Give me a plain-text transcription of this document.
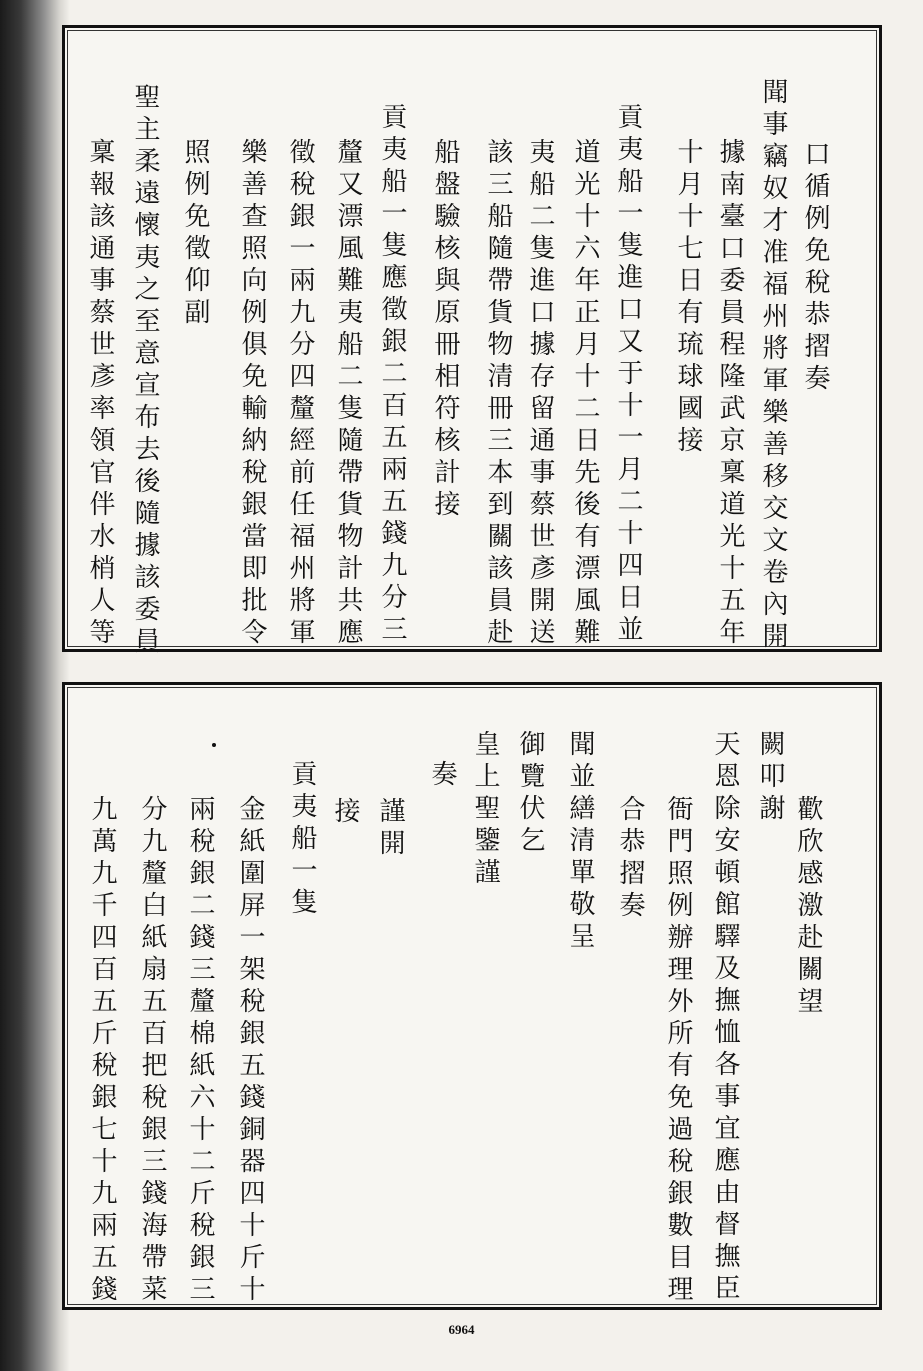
口循例免稅恭摺奏
聞事竊奴才准福州將軍樂善移交文卷內開
據南臺口委員程隆武京稟道光十五年
十月十七日有琉球國接
貢夷船一隻進口又于十一月二十四日並
道光十六年正月十二日先後有漂風難
夷船二隻進口據存留通事蔡世彥開送
該三船隨帶貨物清冊三本到關該員赴
船盤驗核與原冊相符核計接
貢夷船一隻應徵銀二百五兩五錢九分三
釐又漂風難夷船二隻隨帶貨物計共應
徵稅銀一兩九分四釐經前任福州將軍
樂善查照向例俱免輸納稅銀當即批令
照例免徵仰副
聖主柔遠懷夷之至意宣布去後隨據該委員
稟報該通事蔡世彥率領官伴水梢人等
歡欣感激赴關望
闕叩謝
天恩除安頓館驛及撫恤各事宜應由督撫臣
衙門照例辦理外所有免過稅銀數目理
合恭摺奏
聞並繕清單敬呈
御覽伏乞
皇上聖鑒謹
奏
謹開
接
貢夷船一隻
金紙圍屏一架稅銀五錢銅器四十斤十
兩稅銀二錢三釐棉紙六十二斤稅銀三
分九釐白紙扇五百把稅銀三錢海帶菜
九萬九千四百五斤稅銀七十九兩五錢
6964
